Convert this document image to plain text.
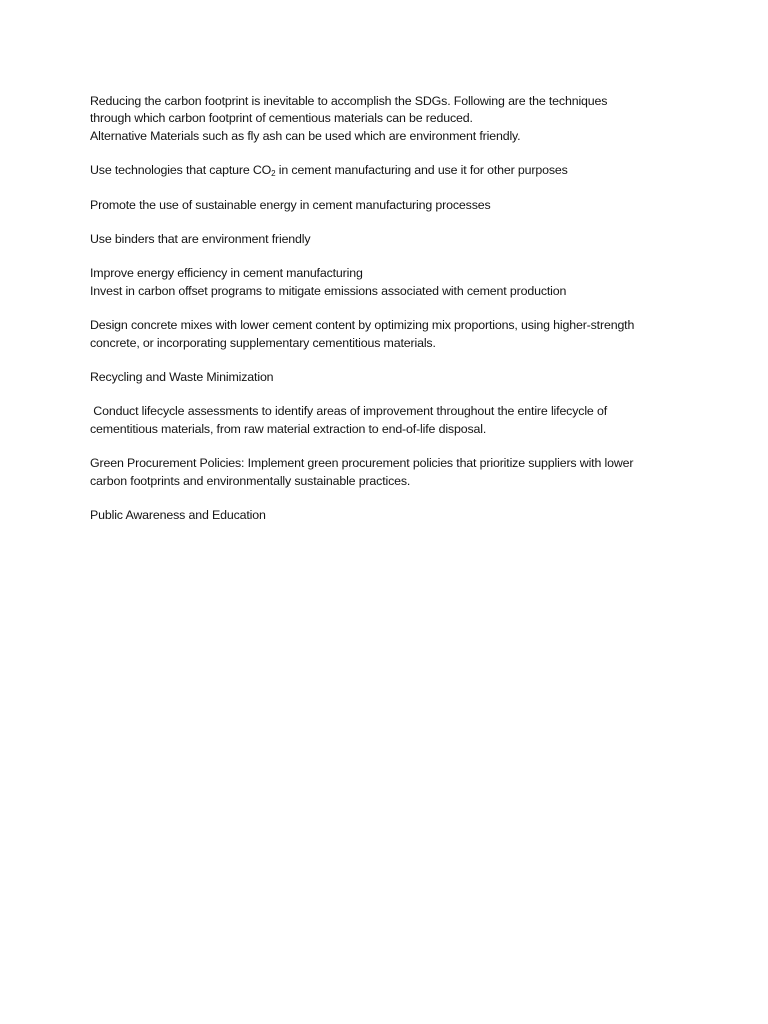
Reducing the carbon footprint is inevitable to accomplish the SDGs. Following are the techniques
through which carbon footprint of cementious materials can be reduced.
Alternative Materials such as fly ash can be used which are environment friendly.
Use technologies that capture $CO_2$ in cement manufacturing and use it for other purposes
Promote the use of sustainable energy in cement manufacturing processes
Use binders that are environment friendly
Improve energy efficiency in cement manufacturing
Invest in carbon offset programs to mitigate emissions associated with cement production
Design concrete mixes with lower cement content by optimizing mix proportions, using higher-strength
concrete, or incorporating supplementary cementitious materials.
Recycling and Waste Minimization
Conduct lifecycle assessments to identify areas of improvement throughout the entire lifecycle of
cementitious materials, from raw material extraction to end-of-life disposal.
Green Procurement Policies: Implement green procurement policies that prioritize suppliers with lower
carbon footprints and environmentally sustainable practices.
Public Awareness and Education
